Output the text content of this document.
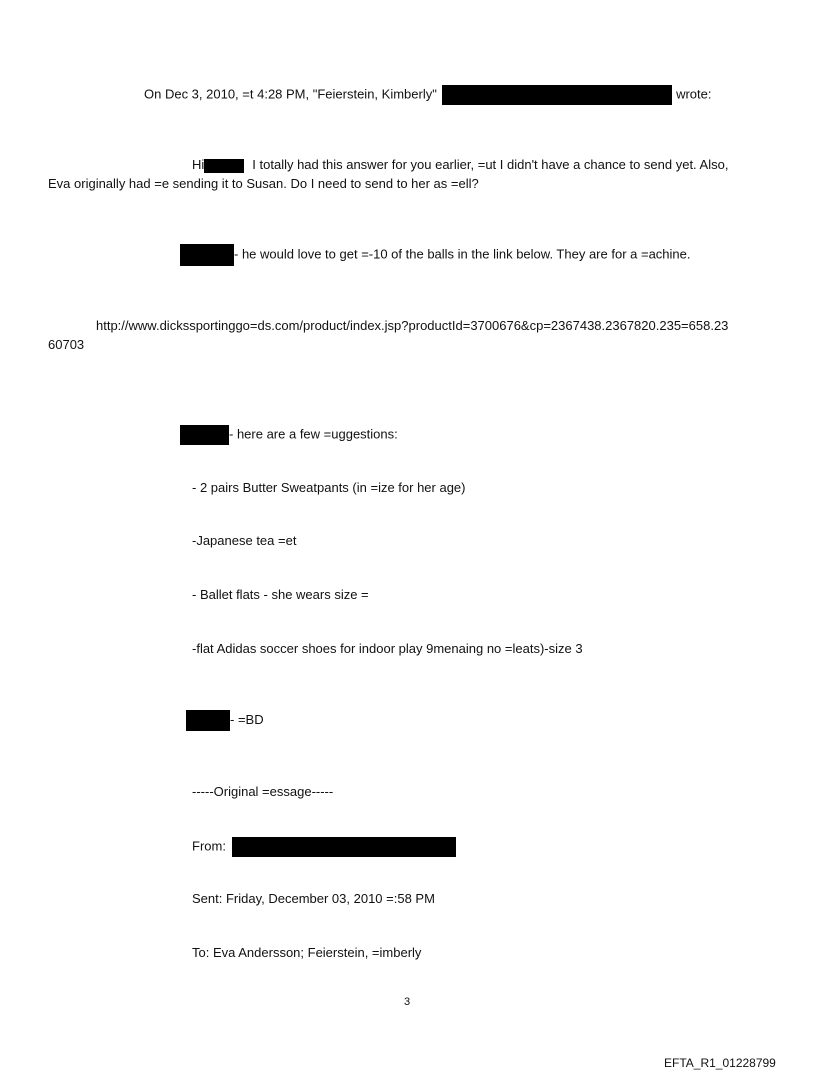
On Dec 3, 2010, =t 4:28 PM, "Feierstein, Kimberly"	wrote:

Hi	I totally had this answer for you earlier, =ut I didn't have a chance to send yet. Also,

Eva originally had =e sending it to Susan. Do I need to send to her as =ell?

- he would love to get =-10 of the balls in the link below. They are for a =achine.

http://www.dickssportinggo=ds.com/product/index.jsp?productId=3700676&cp=2367438.2367820.235=658.23

60703

- here are a few =uggestions:

- 2 pairs Butter Sweatpants (in =ize for her age)

-Japanese tea =et

- Ballet flats - she wears size =

-flat Adidas soccer shoes for indoor play 9menaing no =leats)-size 3

- =BD

-----Original =essage-----

From:

Sent: Friday, December 03, 2010 =:58 PM

To: Eva Andersson; Feierstein, =imberly

3

EFTA_R1_01228799
